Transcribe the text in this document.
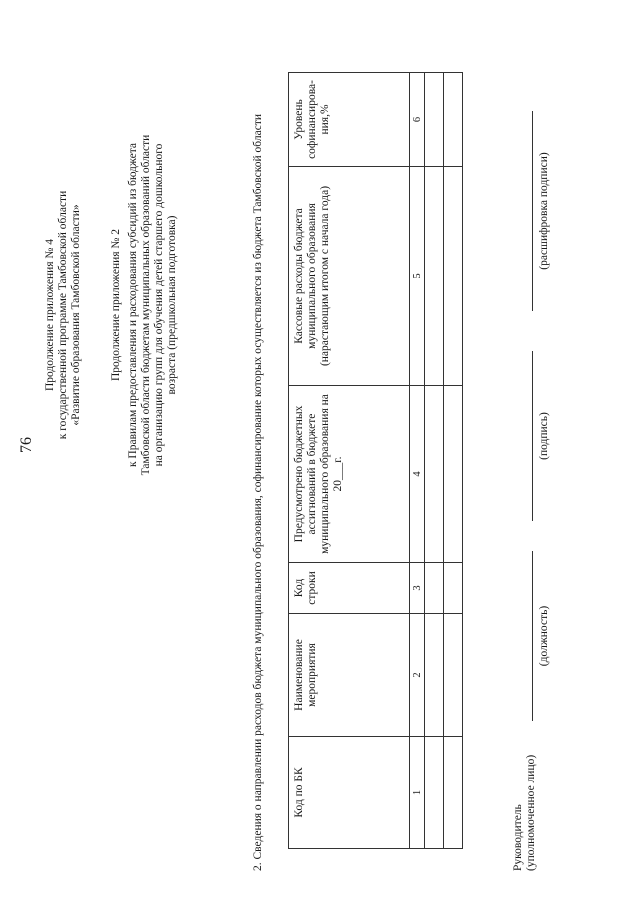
76
Продолжение приложения № 4 к государственной программе Тамбовской области «Развитие образования Тамбовской области» Продолжение приложения № 2 к Правилам предоставления и расходования субсидий из бюджета Тамбовской области бюджетам муниципальных образований области на организацию групп для обучения детей старшего дошкольного возраста (предшкольная подготовка)	2. Сведения о направлении расходов бюджета муниципального образования, софинансирование которых осуществляется из бюджета Тамбовской области	Код по БК	Наименование мероприятия	Код строки	Предусмотрено бюджетных ассигнований в бюджете муниципального образования на 20___г.	Кассовые расходы бюджета муниципального образования (нарастающим итогом с начала года)	Уровень софинансирова-ния,%
1	2	3	4	5	6

Руководитель (уполномоченное лицо)
(должность)
(подпись)
(расшифровка подписи)
